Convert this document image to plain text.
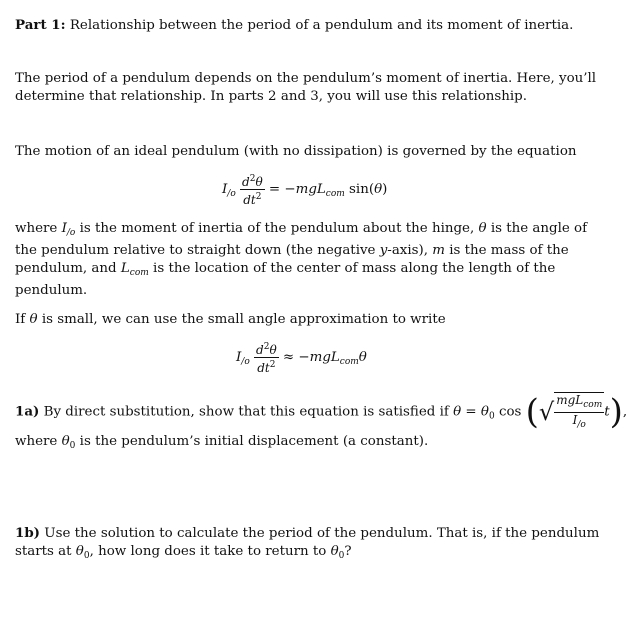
Part 1: Relationship between the period of a pendulum and its moment of inertia.
The period of a pendulum depends on the pendulum’s moment of inertia. Here, you’ll determine that relationship. In parts 2 and 3, you will use this relationship.
The motion of an ideal pendulum (with no dissipation) is governed by the equation
$I_{/o} \frac{d^2\theta}{dt^2} = -mgL_{com}$ sin(θ)
where $I_{/o}$ is the moment of inertia of the pendulum about the hinge, θ is the angle of the pendulum relative to straight down (the negative y-axis), m is the mass of the pendulum, and $L_{com}$ is the location of the center of mass along the length of the pendulum.
If θ is small, we can use the small angle approximation to write
$I_{/o} \frac{d^2\theta}{dt^2} \approx -mgL_{com}\theta$
1a) By direct substitution, show that this equation is satisfied if $\theta = \theta_0$ cos (√ $\frac{mgL_{com}}{I_{/o}} t$),
where $\theta_0$ is the pendulum’s initial displacement (a constant).
1b) Use the solution to calculate the period of the pendulum. That is, if the pendulum starts at $\theta_0$, how long does it take to return to $\theta_0$?
